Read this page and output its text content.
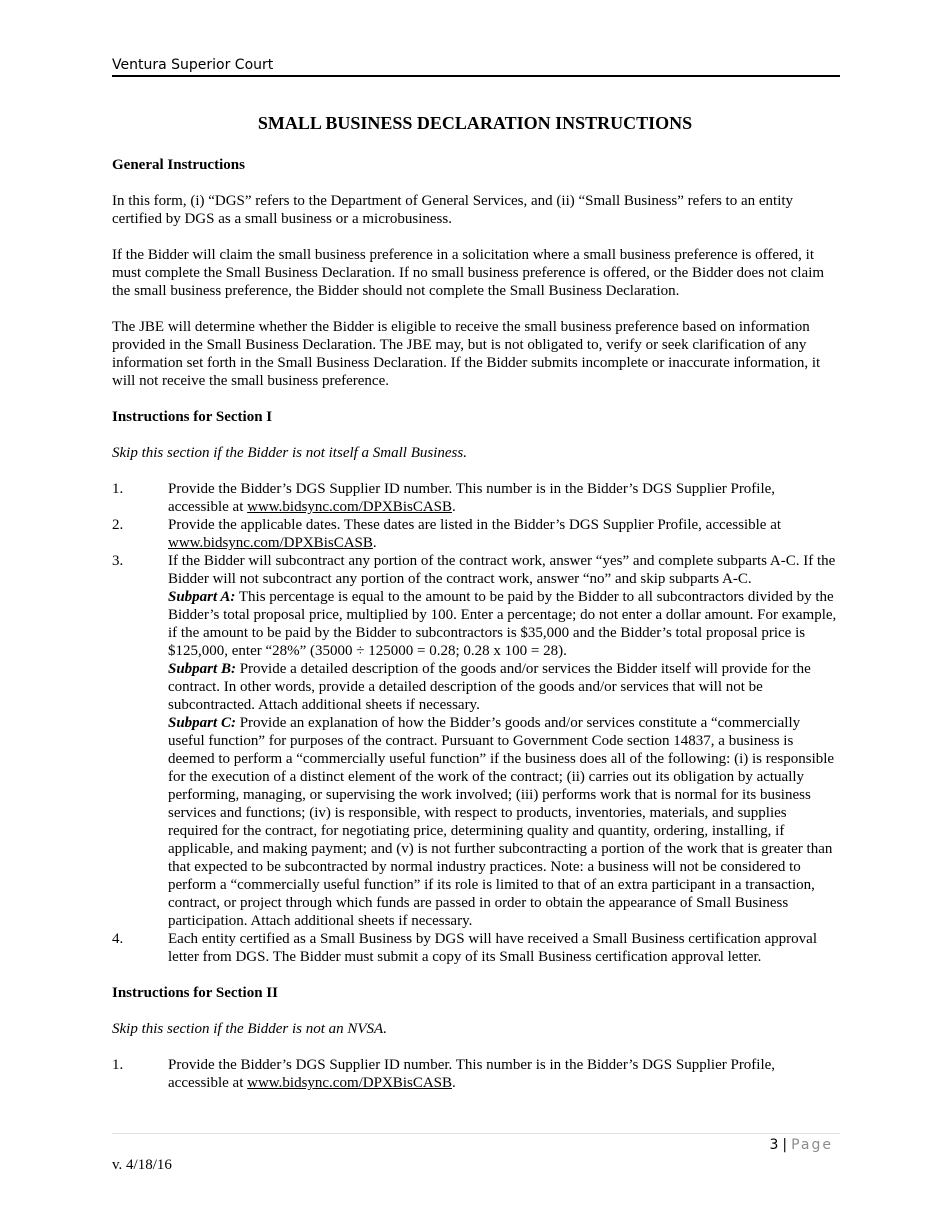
Ventura Superior Court
SMALL BUSINESS DECLARATION INSTRUCTIONS
General Instructions

In this form, (i) “DGS” refers to the Department of General Services, and (ii) “Small Business” refers to an entity certified by DGS as a small business or a microbusiness.

If the Bidder will claim the small business preference in a solicitation where a small business preference is offered, it must complete the Small Business Declaration. If no small business preference is offered, or the Bidder does not claim the small business preference, the Bidder should not complete the Small Business Declaration.

The JBE will determine whether the Bidder is eligible to receive the small business preference based on information provided in the Small Business Declaration. The JBE may, but is not obligated to, verify or seek clarification of any information set forth in the Small Business Declaration. If the Bidder submits incomplete or inaccurate information, it will not receive the small business preference.

Instructions for Section I

Skip this section if the Bidder is not itself a Small Business.

1.	Provide the Bidder’s DGS Supplier ID number. This number is in the Bidder’s DGS Supplier Profile, accessible at www.bidsync.com/DPXBisCASB.
2.	Provide the applicable dates. These dates are listed in the Bidder’s DGS Supplier Profile, accessible at www.bidsync.com/DPXBisCASB.
3.	If the Bidder will subcontract any portion of the contract work, answer “yes” and complete subparts A-C. If the Bidder will not subcontract any portion of the contract work, answer “no” and skip subparts A-C.
Subpart A: This percentage is equal to the amount to be paid by the Bidder to all subcontractors divided by the Bidder’s total proposal price, multiplied by 100. Enter a percentage; do not enter a dollar amount. For example, if the amount to be paid by the Bidder to subcontractors is $35,000 and the Bidder’s total proposal price is $125,000, enter “28%” (35000 ÷ 125000 = 0.28; 0.28 x 100 = 28).
Subpart B: Provide a detailed description of the goods and/or services the Bidder itself will provide for the contract. In other words, provide a detailed description of the goods and/or services that will not be subcontracted. Attach additional sheets if necessary.
Subpart C: Provide an explanation of how the Bidder’s goods and/or services constitute a “commercially useful function” for purposes of the contract. Pursuant to Government Code section 14837, a business is deemed to perform a “commercially useful function” if the business does all of the following: (i) is responsible for the execution of a distinct element of the work of the contract; (ii) carries out its obligation by actually performing, managing, or supervising the work involved; (iii) performs work that is normal for its business services and functions; (iv) is responsible, with respect to products, inventories, materials, and supplies required for the contract, for negotiating price, determining quality and quantity, ordering, installing, if applicable, and making payment; and (v) is not further subcontracting a portion of the work that is greater than that expected to be subcontracted by normal industry practices. Note: a business will not be considered to perform a “commercially useful function” if its role is limited to that of an extra participant in a transaction, contract, or project through which funds are passed in order to obtain the appearance of Small Business participation. Attach additional sheets if necessary.
4.	Each entity certified as a Small Business by DGS will have received a Small Business certification approval letter from DGS. The Bidder must submit a copy of its Small Business certification approval letter.
Instructions for Section II

Skip this section if the Bidder is not an NVSA.

1.	Provide the Bidder’s DGS Supplier ID number. This number is in the Bidder’s DGS Supplier Profile, accessible at www.bidsync.com/DPXBisCASB.
3 | Page
v. 4/18/16
